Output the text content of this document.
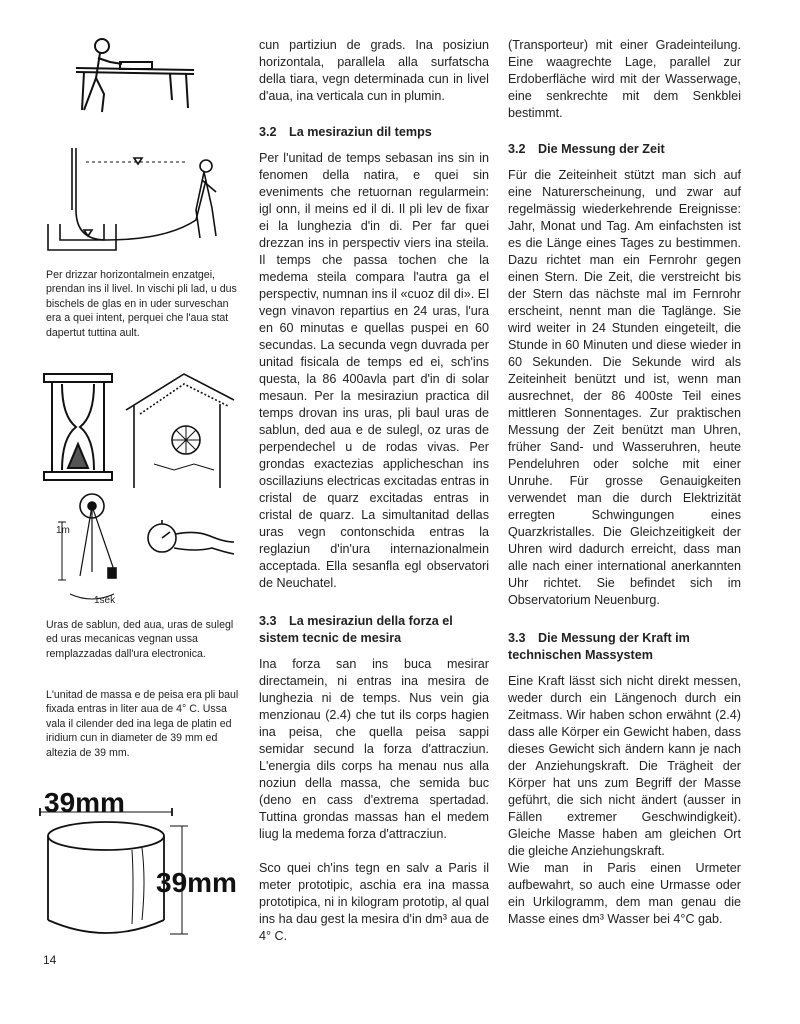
Per drizzar horizontalmein enzatgei, prendan ins il livel. In vischi pli lad, u dus bischels de glas en in uder surveschan era a quei intent, perquei che l'aua stat dapertut tuttina ault.

1m
1sek

Uras de sablun, ded aua, uras de sulegl ed uras mecanicas vegnan ussa remplazzadas dall'ura electronica.

L'unitad de massa e de peisa era pli baul fixada entras in liter aua de 4° C. Ussa vala il cilender ded ina lega de platin ed iridium cun in diameter de 39 mm ed altezia de 39 mm.

39mm
39mm
14

cun partiziun de grads. Ina posiziun horizontala, parallela alla surfatscha della tiara, vegn determinada cun in livel d'aua, ina verticala cun in plumin.

3.2 La mesiraziun dil temps

Per l'unitad de temps sebasan ins sin in fenomen della natira, e quei sin eveniments che retuornan regularmein: igl onn, il meins ed il di. Il pli lev de fixar ei la lunghezia d'in di. Per far quei drezzan ins in perspectiv viers ina steila. Il temps che passa tochen che la medema steila compara l'autra ga el perspectiv, numnan ins il «cuoz dil di». El vegn vinavon repartius en 24 uras, l'ura en 60 minutas e quellas puspei en 60 secundas. La secunda vegn duvrada per unitad fisicala de temps ed ei, sch'ins questa, la 86 400avla part d'in di solar mesaun. Per la mesiraziun practica dil temps drovan ins uras, pli baul uras de sablun, ded aua e de sulegl, oz uras de perpendechel u de rodas vivas. Per grondas exactezias applicheschan ins oscillaziuns electricas excitadas entras in cristal de quarz excitadas entras in cristal de quarz. La simultanitad dellas uras vegn contonschida entras la reglaziun d'in'ura internazionalmein acceptada. Ella sesanfla egl observatori de Neuchatel.

3.3 La mesiraziun della forza el sistem tecnic de mesira

Ina forza san ins buca mesirar directamein, ni entras ina mesira de lunghezia ni de temps. Nus vein gia menzionau (2.4) che tut ils corps hagien ina peisa, che quella peisa sappi semidar secund la forza d'attracziun. L'energia dils corps ha menau nus alla noziun della massa, che semida buc (deno en cass d'extrema spertadad. Tuttina grondas massas han el medem liug la medema forza d'attracziun.

Sco quei ch'ins tegn en salv a Paris il meter prototipic, aschia era ina massa prototipica, ni in kilogram prototip, al qual ins ha dau gest la mesira d'in dm³ aua de 4° C.

(Transporteur) mit einer Gradeinteilung. Eine waagrechte Lage, parallel zur Erdoberfläche wird mit der Wasserwage, eine senkrechte mit dem Senkblei bestimmt.

3.2 Die Messung der Zeit

Für die Zeiteinheit stützt man sich auf eine Naturerscheinung, und zwar auf regelmässig wiederkehrende Ereignisse: Jahr, Monat und Tag. Am einfachsten ist es die Länge eines Tages zu bestimmen. Dazu richtet man ein Fernrohr gegen einen Stern. Die Zeit, die verstreicht bis der Stern das nächste mal im Fernrohr erscheint, nennt man die Taglänge. Sie wird weiter in 24 Stunden eingeteilt, die Stunde in 60 Minuten und diese wieder in 60 Sekunden. Die Sekunde wird als Zeiteinheit benützt und ist, wenn man ausrechnet, der 86 400ste Teil eines mittleren Sonnentages. Zur praktischen Messung der Zeit benützt man Uhren, früher Sand- und Wasseruhren, heute Pendeluhren oder solche mit einer Unruhe. Für grosse Genauigkeiten verwendet man die durch Elektrizität erregten Schwingungen eines Quarzkristalles. Die Gleichzeitigkeit der Uhren wird dadurch erreicht, dass man alle nach einer international anerkannten Uhr richtet. Sie befindet sich im Observatorium Neuenburg.

3.3 Die Messung der Kraft im technischen Massystem

Eine Kraft lässt sich nicht direkt messen, weder durch ein Längenoch durch ein Zeitmass. Wir haben schon erwähnt (2.4) dass alle Körper ein Gewicht haben, dass dieses Gewicht sich ändern kann je nach der Anziehungskraft. Die Trägheit der Körper hat uns zum Begriff der Masse geführt, die sich nicht ändert (ausser in Fällen extremer Geschwindigkeit). Gleiche Masse haben am gleichen Ort die gleiche Anziehungskraft.

Wie man in Paris einen Urmeter aufbewahrt, so auch eine Urmasse oder ein Urkilogramm, dem man genau die Masse eines dm³ Wasser bei 4°C gab.
